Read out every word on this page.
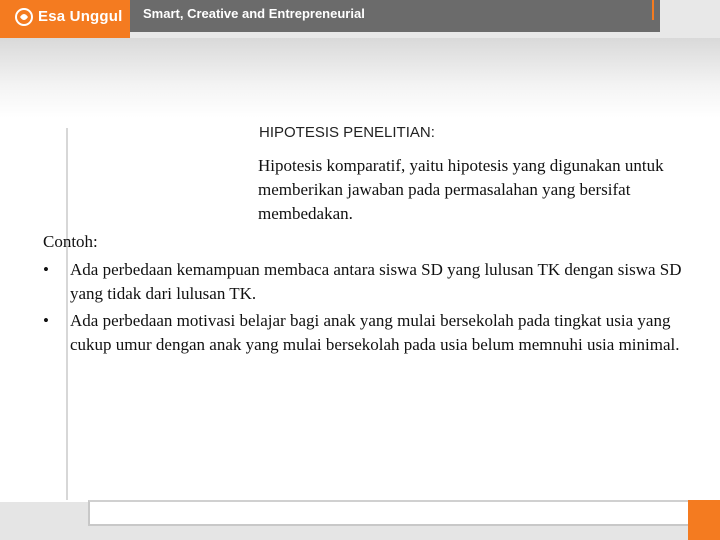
Esa Unggul Smart, Creative and Entrepreneurial
HIPOTESIS PENELITIAN:
Hipotesis komparatif, yaitu hipotesis yang digunakan untuk memberikan jawaban pada permasalahan yang bersifat membedakan.
Contoh:
• Ada perbedaan kemampuan membaca antara siswa SD yang lulusan TK dengan siswa SD yang tidak dari lulusan TK.
• Ada perbedaan motivasi belajar bagi anak yang mulai bersekolah pada tingkat usia yang cukup umur dengan anak yang mulai bersekolah pada usia belum memnuhi usia minimal.
